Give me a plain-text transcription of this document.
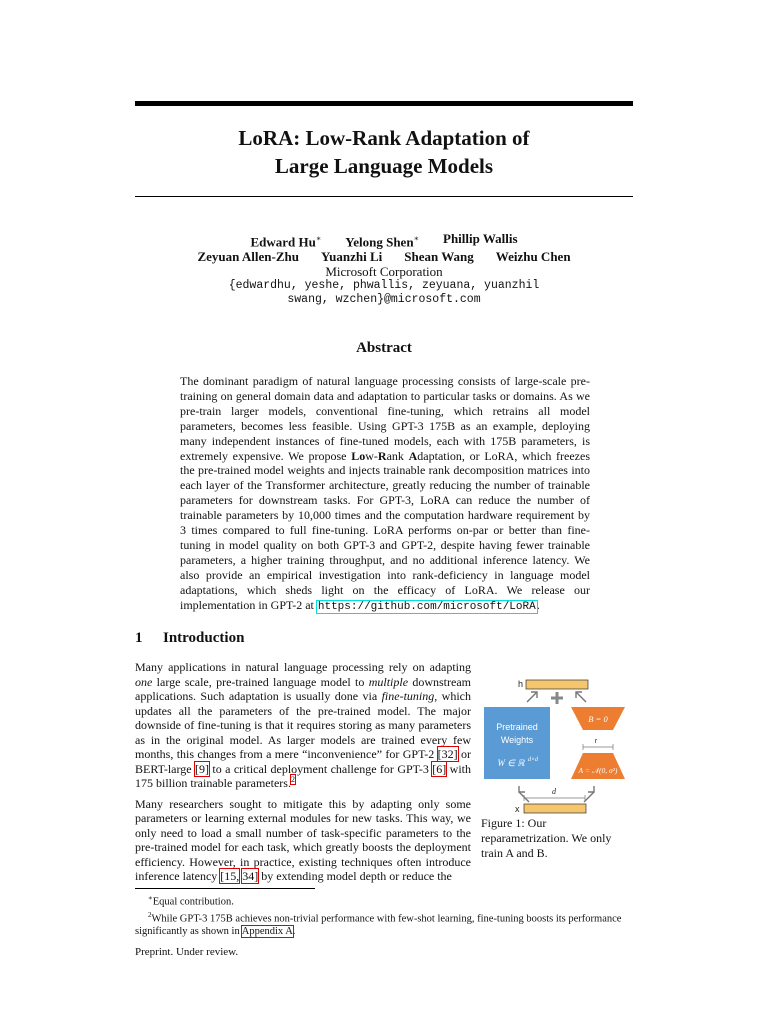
LoRA: Low-Rank Adaptation of
Large Language Models
Edward Hu∗ Yelong Shen∗ Phillip Wallis
Zeyuan Allen-Zhu Yuanzhi Li Shean Wang Weizhu Chen
Microsoft Corporation
{edwardhu, yeshe, phwallis, zeyuana, yuanzhil
swang, wzchen}@microsoft.com
Abstract
The dominant paradigm of natural language processing consists of large-scale pre-training on general domain data and adaptation to particular tasks or domains. As we pre-train larger models, conventional fine-tuning, which retrains all model parameters, becomes less feasible. Using GPT-3 175B as an example, deploying many independent instances of fine-tuned models, each with 175B parameters, is extremely expensive. We propose Low-Rank Adaptation, or LoRA, which freezes the pre-trained model weights and injects trainable rank decomposition matrices into each layer of the Transformer architecture, greatly reducing the number of trainable parameters for downstream tasks. For GPT-3, LoRA can reduce the number of trainable parameters by 10,000 times and the computation hardware requirement by 3 times compared to full fine-tuning. LoRA performs on-par or better than fine-tuning in model quality on both GPT-3 and GPT-2, despite having fewer trainable parameters, a higher training throughput, and no additional inference latency. We also provide an empirical investigation into rank-deficiency in language model adaptations, which sheds light on the efficacy of LoRA. We release our implementation in GPT-2 at https://github.com/microsoft/LoRA.
1 Introduction

Many applications in natural language processing rely on adapting one large scale, pre-trained language model to multiple downstream applications. Such adaptation is usually done via fine-tuning, which updates all the parameters of the pre-trained model. The major downside of fine-tuning is that it requires storing as many parameters as in the original model. As larger models are trained every few months, this changes from a mere “inconvenience” for GPT-2 [32] or BERT-large [9] to a critical deployment challenge for GPT-3 [6] with 175 billion trainable parameters.$^2$

Many researchers sought to mitigate this by adapting only some parameters or learning external modules for new tasks. This way, we only need to load a small number of task-specific parameters to the pre-trained model for each task, which greatly boosts the deployment efficiency. However, in practice, existing techniques often introduce inference latency [15, 34] by extending model depth or reduce the

h
Pretrained
Weights
W ∈ ℝ d×d
B = 0
r
A = 𝒩(0, σ²)
d
x
Figure 1: Our reparametrization. We only train A and B.
∗Equal contribution.
$^2$While GPT-3 175B achieves non-trivial performance with few-shot learning, fine-tuning boosts its performance significantly as shown in Appendix A.
Preprint. Under review.
